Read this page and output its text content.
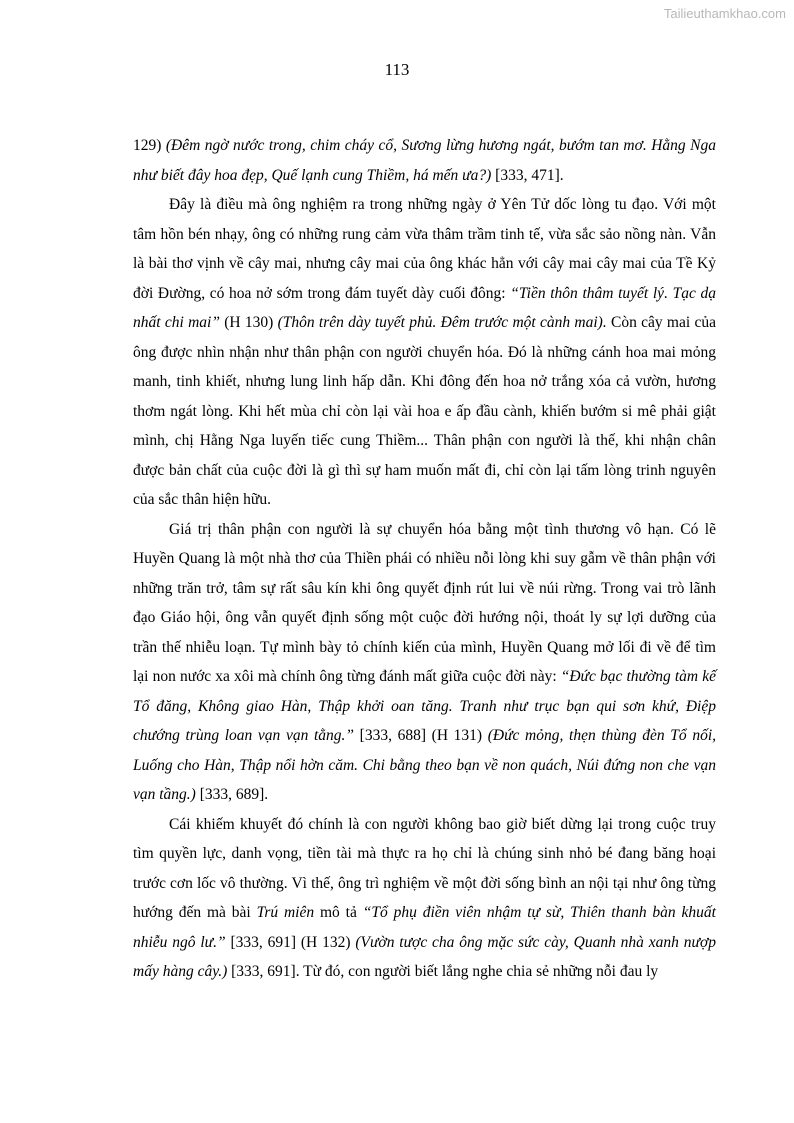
Tailieuthamkhao.com
113

129) (Đêm ngờ nước trong, chim cháy cổ, Sương lừng hương ngát, bướm tan mơ. Hằng Nga như biết đây hoa đẹp, Quế lạnh cung Thiềm, há mến ưa?) [333, 471].

Đây là điều mà ông nghiệm ra trong những ngày ở Yên Tử dốc lòng tu đạo. Với một tâm hồn bén nhạy, ông có những rung cảm vừa thâm trầm tinh tế, vừa sắc sảo nồng nàn. Vẫn là bài thơ vịnh về cây mai, nhưng cây mai của ông khác hẳn với cây mai cây mai của Tề Kỷ đời Đường, có hoa nở sớm trong đám tuyết dày cuối đông: “Tiền thôn thâm tuyết lý. Tạc dạ nhất chi mai” (H 130) (Thôn trên dày tuyết phủ. Đêm trước một cành mai). Còn cây mai của ông được nhìn nhận như thân phận con người chuyển hóa. Đó là những cánh hoa mai mỏng manh, tinh khiết, nhưng lung linh hấp dẫn. Khi đông đến hoa nở trắng xóa cả vườn, hương thơm ngát lòng. Khi hết mùa chỉ còn lại vài hoa e ấp đầu cành, khiến bướm si mê phải giật mình, chị Hằng Nga luyến tiếc cung Thiềm... Thân phận con người là thế, khi nhận chân được bản chất của cuộc đời là gì thì sự ham muốn mất đi, chỉ còn lại tấm lòng trinh nguyên của sắc thân hiện hữu.

Giá trị thân phận con người là sự chuyển hóa bằng một tình thương vô hạn. Có lẽ Huyền Quang là một nhà thơ của Thiền phái có nhiều nỗi lòng khi suy gẫm về thân phận với những trăn trở, tâm sự rất sâu kín khi ông quyết định rút lui về núi rừng. Trong vai trò lãnh đạo Giáo hội, ông vẫn quyết định sống một cuộc đời hướng nội, thoát ly sự lợi dưỡng của trần thế nhiễu loạn. Tự mình bày tỏ chính kiến của mình, Huyền Quang mở lối đi về để tìm lại non nước xa xôi mà chính ông từng đánh mất giữa cuộc đời này: “Đức bạc thường tàm kế Tổ đăng, Không giao Hàn, Thập khởi oan tăng. Tranh như trục bạn qui sơn khứ, Điệp chướng trùng loan vạn vạn tằng.” [333, 688] (H 131) (Đức mỏng, thẹn thùng đèn Tổ nối, Luống cho Hàn, Thập nổi hờn căm. Chi bằng theo bạn về non quách, Núi đứng non che vạn vạn tầng.) [333, 689].

Cái khiếm khuyết đó chính là con người không bao giờ biết dừng lại trong cuộc truy tìm quyền lực, danh vọng, tiền tài mà thực ra họ chỉ là chúng sinh nhỏ bé đang băng hoại trước cơn lốc vô thường. Vì thế, ông trì nghiệm về một đời sống bình an nội tại như ông từng hướng đến mà bài Trú miên mô tả “Tổ phụ điền viên nhậm tự sừ, Thiên thanh bàn khuất nhiễu ngô lư.” [333, 691] (H 132) (Vườn tược cha ông mặc sức cày, Quanh nhà xanh nượp mấy hàng cây.) [333, 691]. Từ đó, con người biết lắng nghe chia sẻ những nỗi đau ly
